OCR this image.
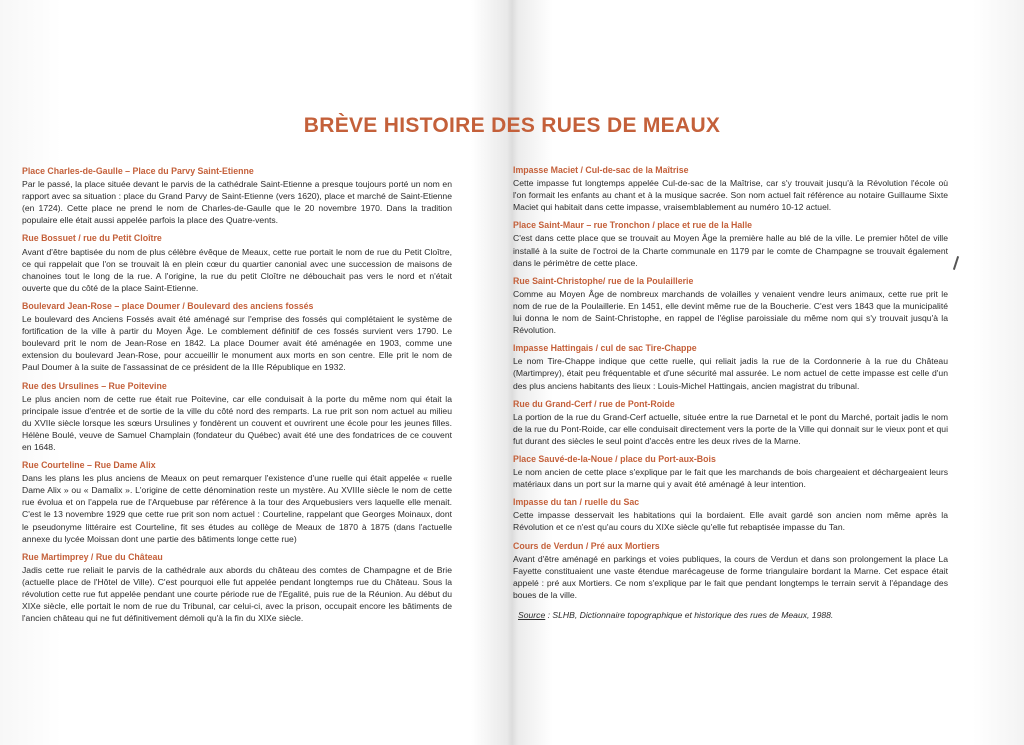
BRÈVE HISTOIRE DES RUES DE MEAUX
Place Charles-de-Gaulle – Place du Parvy Saint-Etienne
Par le passé, la place située devant le parvis de la cathédrale Saint-Etienne a presque toujours porté un nom en rapport avec sa situation : place du Grand Parvy de Saint-Etienne (vers 1620), place et marché de Saint-Etienne (en 1724). Cette place ne prend le nom de Charles-de-Gaulle que le 20 novembre 1970. Dans la tradition populaire elle était aussi appelée parfois la place des Quatre-vents.
Rue Bossuet / rue du Petit Cloître
Avant d'être baptisée du nom de plus célèbre évêque de Meaux, cette rue portait le nom de rue du Petit Cloître, ce qui rappelait que l'on se trouvait là en plein cœur du quartier canonial avec une succession de maisons de chanoines tout le long de la rue. A l'origine, la rue du petit Cloître ne débouchait pas vers le nord et n'était ouverte que du côté de la place Saint-Etienne.
Boulevard Jean-Rose – place Doumer / Boulevard des anciens fossés
Le boulevard des Anciens Fossés avait été aménagé sur l'emprise des fossés qui complétaient le système de fortification de la ville à partir du Moyen Âge. Le comblement définitif de ces fossés survient vers 1790. Le boulevard prit le nom de Jean-Rose en 1842. La place Doumer avait été aménagée en 1903, comme une extension du boulevard Jean-Rose, pour accueillir le monument aux morts en son centre. Elle prit le nom de Paul Doumer à la suite de l'assassinat de ce président de la IIIe République en 1932.
Rue des Ursulines – Rue Poitevine
Le plus ancien nom de cette rue était rue Poitevine, car elle conduisait à la porte du même nom qui était la principale issue d'entrée et de sortie de la ville du côté nord des remparts. La rue prit son nom actuel au milieu du XVIIe siècle lorsque les sœurs Ursulines y fondèrent un couvent et ouvrirent une école pour les jeunes filles. Hélène Boulé, veuve de Samuel Champlain (fondateur du Québec) avait été une des fondatrices de ce couvent en 1648.
Rue Courteline – Rue Dame Alix
Dans les plans les plus anciens de Meaux on peut remarquer l'existence d'une ruelle qui était appelée « ruelle Dame Alix » ou « Damalix ». L'origine de cette dénomination reste un mystère. Au XVIIIe siècle le nom de cette rue évolua et on l'appela rue de l'Arquebuse par référence à la tour des Arquebusiers vers laquelle elle menait. C'est le 13 novembre 1929 que cette rue prit son nom actuel : Courteline, rappelant que Georges Moinaux, dont le pseudonyme littéraire est Courteline, fit ses études au collège de Meaux de 1870 à 1875 (dans l'actuelle annexe du lycée Moissan dont une partie des bâtiments longe cette rue)
Rue Martimprey / Rue du Château
Jadis cette rue reliait le parvis de la cathédrale aux abords du château des comtes de Champagne et de Brie (actuelle place de l'Hôtel de Ville). C'est pourquoi elle fut appelée pendant longtemps rue du Château. Sous la révolution cette rue fut appelée pendant une courte période rue de l'Egalité, puis rue de la Réunion. Au début du XIXe siècle, elle portait le nom de rue du Tribunal, car celui-ci, avec la prison, occupait encore les bâtiments de l'ancien château qui ne fut définitivement démoli qu'à la fin du XIXe siècle.
Impasse Maciet / Cul-de-sac de la Maîtrise
Cette impasse fut longtemps appelée Cul-de-sac de la Maîtrise, car s'y trouvait jusqu'à la Révolution l'école où l'on formait les enfants au chant et à la musique sacrée. Son nom actuel fait référence au notaire Guillaume Sixte Maciet qui habitait dans cette impasse, vraisemblablement au numéro 10-12 actuel.
Place Saint-Maur – rue Tronchon / place et rue de la Halle
C'est dans cette place que se trouvait au Moyen Âge la première halle au blé de la ville. Le premier hôtel de ville installé à la suite de l'octroi de la Charte communale en 1179 par le comte de Champagne se trouvait également dans le périmètre de cette place.
Rue Saint-Christophe/ rue de la Poulaillerie
Comme au Moyen Âge de nombreux marchands de volailles y venaient vendre leurs animaux, cette rue prit le nom de rue de la Poulaillerie. En 1451, elle devint même rue de la Boucherie. C'est vers 1843 que la municipalité lui donna le nom de Saint-Christophe, en rappel de l'église paroissiale du même nom qui s'y trouvait jusqu'à la Révolution.
Impasse Hattingais / cul de sac Tire-Chappe
Le nom Tire-Chappe indique que cette ruelle, qui reliait jadis la rue de la Cordonnerie à la rue du Château (Martimprey), était peu fréquentable et d'une sécurité mal assurée. Le nom actuel de cette impasse est celle d'un des plus anciens habitants des lieux : Louis-Michel Hattingais, ancien magistrat du tribunal.
Rue du Grand-Cerf / rue de Pont-Roide
La portion de la rue du Grand-Cerf actuelle, située entre la rue Darnetal et le pont du Marché, portait jadis le nom de la rue du Pont-Roide, car elle conduisait directement vers la porte de la Ville qui donnait sur le vieux pont et qui fut durant des siècles le seul point d'accès entre les deux rives de la Marne.
Place Sauvé-de-la-Noue / place du Port-aux-Bois
Le nom ancien de cette place s'explique par le fait que les marchands de bois chargeaient et déchargeaient leurs matériaux dans un port sur la marne qui y avait été aménagé à leur intention.
Impasse du tan / ruelle du Sac
Cette impasse desservait les habitations qui la bordaient. Elle avait gardé son ancien nom même après la Révolution et ce n'est qu'au cours du XIXe siècle qu'elle fut rebaptisée impasse du Tan.
Cours de Verdun / Pré aux Mortiers
Avant d'être aménagé en parkings et voies publiques, la cours de Verdun et dans son prolongement la place La Fayette constituaient une vaste étendue marécageuse de forme triangulaire bordant la Marne. Cet espace était appelé : pré aux Mortiers. Ce nom s'explique par le fait que pendant longtemps le terrain servit à l'épandage des boues de la ville.
Source : SLHB, Dictionnaire topographique et historique des rues de Meaux, 1988.
